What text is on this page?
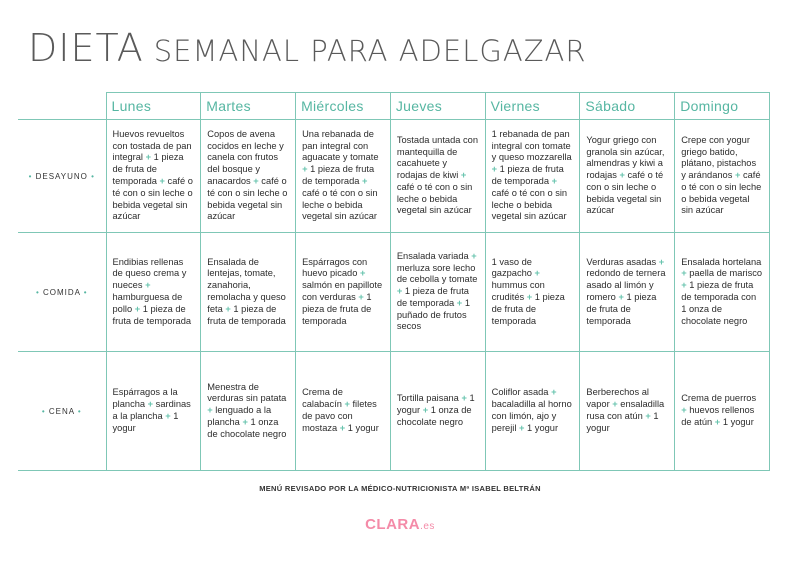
DIETA SEMANAL PARA ADELGAZAR
	Lunes	Martes	Miércoles	Jueves	Viernes	Sábado	Domingo
• DESAYUNO •	Huevos revueltos con tostada de pan integral + 1 pieza de fruta de temporada + café o té con o sin leche o bebida vegetal sin azúcar	Copos de avena cocidos en leche y canela con frutos del bosque y anacardos + café o té con o sin leche o bebida vegetal sin azúcar	Una rebanada de pan integral con aguacate y tomate + 1 pieza de fruta de temporada + café o té con o sin leche o bebida vegetal sin azúcar	Tostada untada con mantequilla de cacahuete y rodajas de kiwi + café o té con o sin leche o bebida vegetal sin azúcar	1 rebanada de pan integral con tomate y queso mozzarella + 1 pieza de fruta de temporada + café o té con o sin leche o bebida vegetal sin azúcar	Yogur griego con granola sin azúcar, almendras y kiwi a rodajas + café o té con o sin leche o bebida vegetal sin azúcar	Crepe con yogur griego batido, plátano, pistachos y arándanos + café o té con o sin leche o bebida vegetal sin azúcar
• COMIDA •	Endibias rellenas de queso crema y nueces + hamburguesa de pollo + 1 pieza de fruta de temporada	Ensalada de lentejas, tomate, zanahoria, remolacha y queso feta + 1 pieza de fruta de temporada	Espárragos con huevo picado + salmón en papillote con verduras + 1 pieza de fruta de temporada	Ensalada variada + merluza sore lecho de cebolla y tomate + 1 pieza de fruta de temporada + 1 puñado de frutos secos	1 vaso de gazpacho + hummus con crudités + 1 pieza de fruta de temporada	Verduras asadas + redondo de ternera asado al limón y romero + 1 pieza de fruta de temporada	Ensalada hortelana + paella de marisco + 1 pieza de fruta de temporada con 1 onza de chocolate negro
• CENA •	Espárragos a la plancha + sardinas a la plancha + 1 yogur	Menestra de verduras sin patata + lenguado a la plancha + 1 onza de chocolate negro	Crema de calabacín + filetes de pavo con mostaza + 1 yogur	Tortilla paisana + 1 yogur + 1 onza de chocolate negro	Coliflor asada + bacaladilla al horno con limón, ajo y perejil + 1 yogur	Berberechos al vapor + ensaladilla rusa con atún + 1 yogur	Crema de puerros + huevos rellenos de atún + 1 yogur
MENÚ REVISADO POR LA MÉDICO-NUTRICIONISTA Mª ISABEL BELTRÁN
CLARA.es
